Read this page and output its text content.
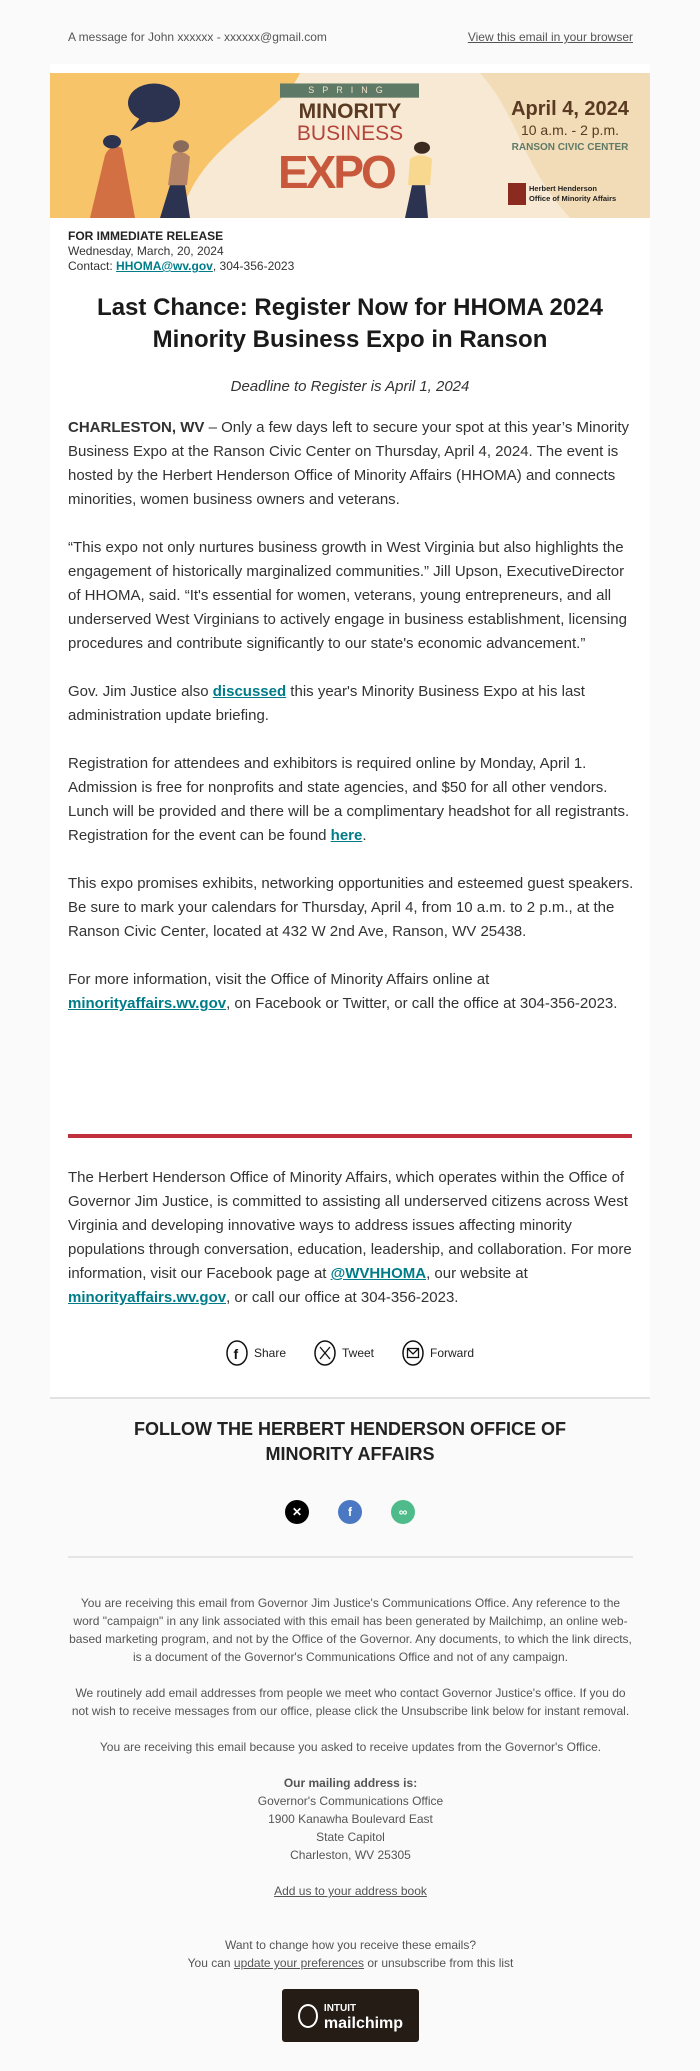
A message for John xxxxxx - xxxxxx@gmail.com	View this email in your browser
SPRING
MINORITY
BUSINESS
EXPO
April 4, 2024
10 a.m. - 2 p.m.
RANSON CIVIC CENTER
Herbert Henderson
Office of Minority Affairs
FOR IMMEDIATE RELEASE
Wednesday, March, 20, 2024
Contact: HHOMA@wv.gov, 304-356-2023
Last Chance: Register Now for HHOMA 2024 Minority Business Expo in Ranson
Deadline to Register is April 1, 2024

CHARLESTON, WV – Only a few days left to secure your spot at this year’s Minority Business Expo at the Ranson Civic Center on Thursday, April 4, 2024. The event is hosted by the Herbert Henderson Office of Minority Affairs (HHOMA) and connects minorities, women business owners and veterans.

“This expo not only nurtures business growth in West Virginia but also highlights the engagement of historically marginalized communities.” Jill Upson, ExecutiveDirector of HHOMA, said. “It's essential for women, veterans, young entrepreneurs, and all underserved West Virginians to actively engage in business establishment, licensing procedures and contribute significantly to our state's economic advancement.”

Gov. Jim Justice also discussed this year's Minority Business Expo at his last administration update briefing.

Registration for attendees and exhibitors is required online by Monday, April 1. Admission is free for nonprofits and state agencies, and $50 for all other vendors. Lunch will be provided and there will be a complimentary headshot for all registrants. Registration for the event can be found here.

This expo promises exhibits, networking opportunities and esteemed guest speakers. Be sure to mark your calendars for Thursday, April 4, from 10 a.m. to 2 p.m., at the Ranson Civic Center, located at 432 W 2nd Ave, Ranson, WV 25438.

For more information, visit the Office of Minority Affairs online at minorityaffairs.wv.gov, on Facebook or Twitter, or call the office at 304-356-2023.

The Herbert Henderson Office of Minority Affairs, which operates within the Office of Governor Jim Justice, is committed to assisting all underserved citizens across West Virginia and developing innovative ways to address issues affecting minority populations through conversation, education, leadership, and collaboration. For more information, visit our Facebook page at @WVHHOMA, our website at minorityaffairs.wv.gov, or call our office at 304-356-2023.
f Share	Tweet	Forward
FOLLOW THE HERBERT HENDERSON OFFICE OF MINORITY AFFAIRS
✕	f	∞

You are receiving this email from Governor Jim Justice's Communications Office. Any reference to the word "campaign" in any link associated with this email has been generated by Mailchimp, an online web-based marketing program, and not by the Office of the Governor. Any documents, to which the link directs, is a document of the Governor's Communications Office and not of any campaign.

We routinely add email addresses from people we meet who contact Governor Justice's office. If you do not wish to receive messages from our office, please click the Unsubscribe link below for instant removal.

You are receiving this email because you asked to receive updates from the Governor's Office.

Our mailing address is:
Governor's Communications Office
1900 Kanawha Boulevard East
State Capitol
Charleston, WV 25305

Add us to your address book

Want to change how you receive these emails?
You can update your preferences or unsubscribe from this list
INTUIT
mailchimp
